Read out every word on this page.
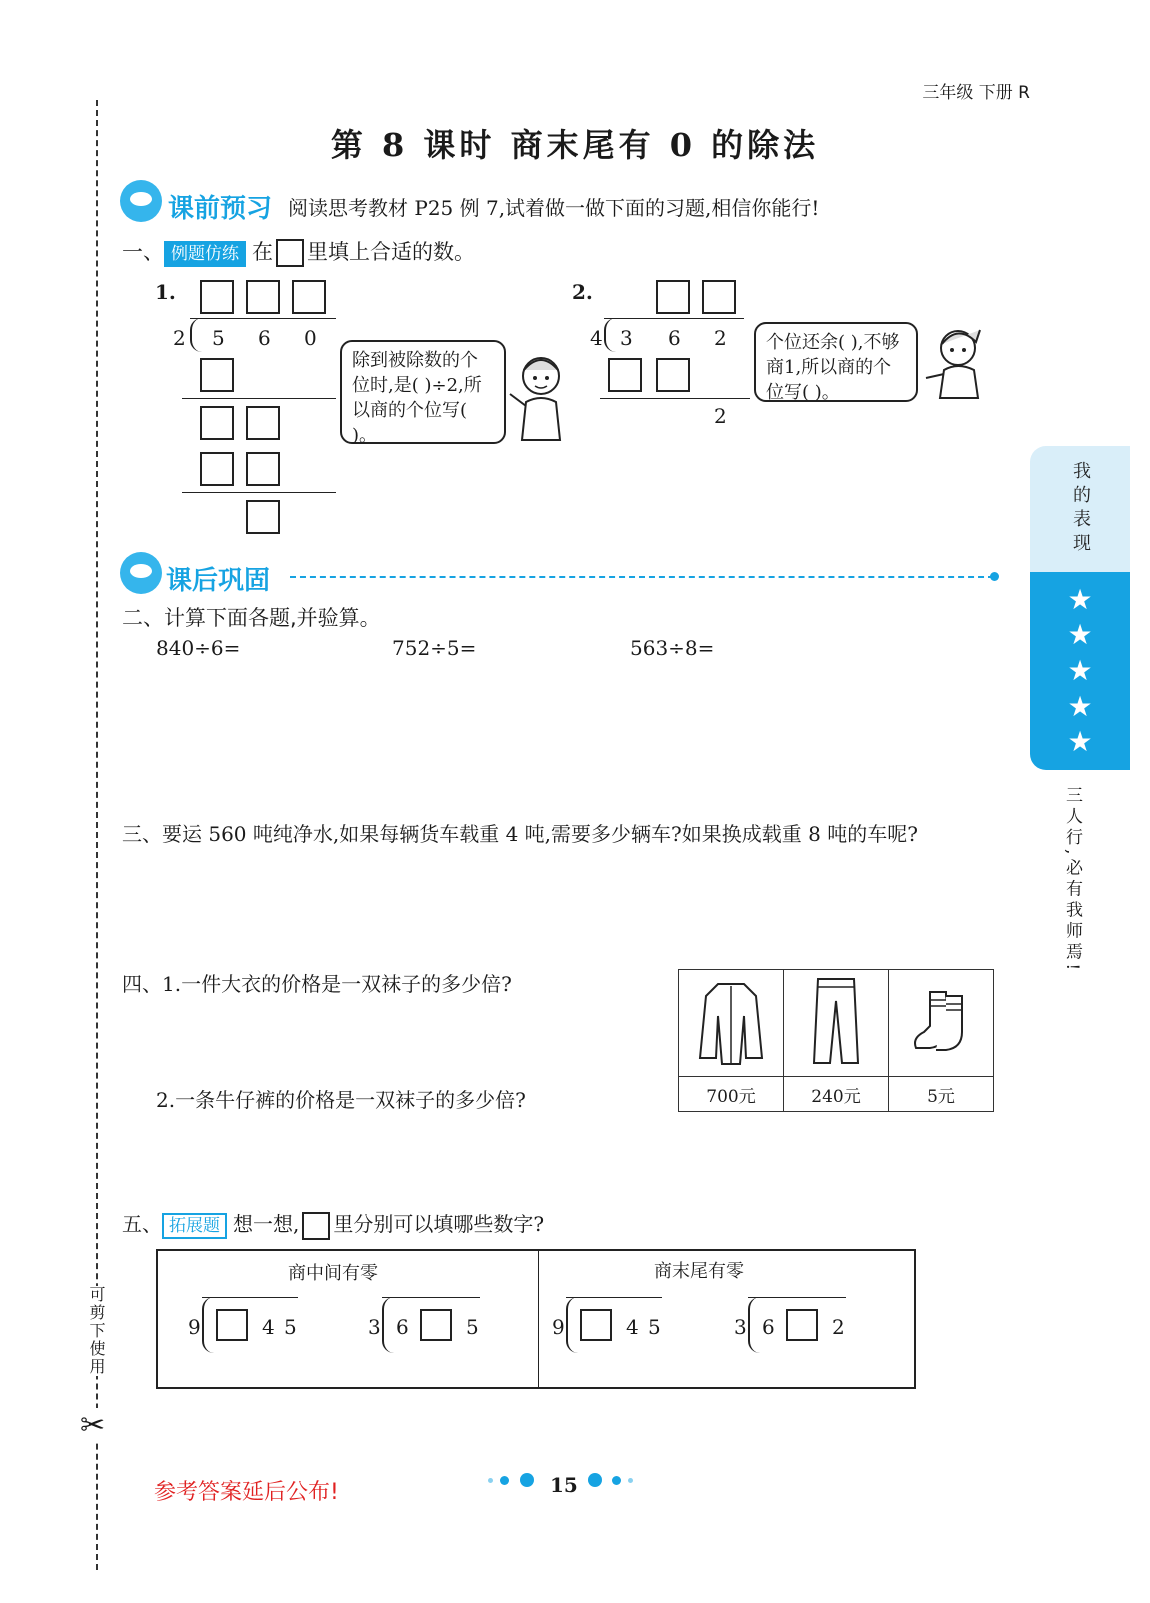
可剪下使用
✂
三年级 下册 R
第 8 课时 商末尾有 0 的除法
课前预习 阅读思考教材 P25 例 7,试着做一做下面的习题,相信你能行!
一、 例题仿练 在 里填上合适的数。
1.
2 5 6 0
除到被除数的个位时,是( )÷2,所以商的个位写( )。
2.
4 3 6 2
2
个位还余( ),不够商1,所以商的个位写( )。
课后巩固
二、计算下面各题,并验算。
840÷6=	752÷5=	563÷8=
三、要运 560 吨纯净水,如果每辆货车载重 4 吨,需要多少辆车?如果换成载重 8 吨的车呢?
四、1.一件大衣的价格是一双袜子的多少倍?
2.一条牛仔裤的价格是一双袜子的多少倍?
			700元	240元	5元
五、 拓展题 想一想, 里分别可以填哪些数字?
商中间有零	商末尾有零
9	4 5	3 6	5	9	4 5	3 6	2
我的表现
★
★
★
★
★
三人行,必有我师焉!
参考答案延后公布!	15
